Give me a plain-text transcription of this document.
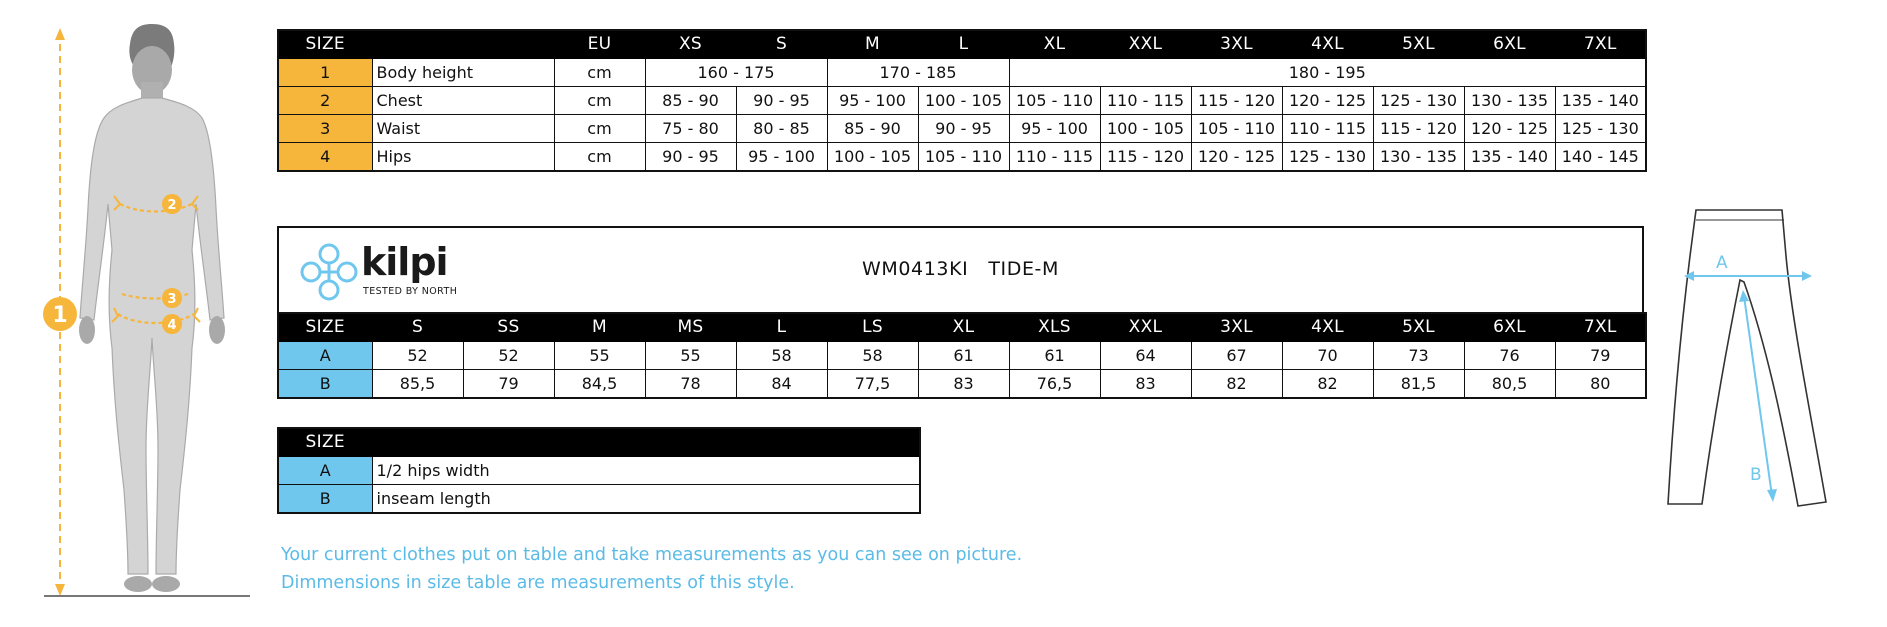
1
2
3
4
SIZE		EU	XS	S	M	L	XL	XXL	3XL	4XL	5XL	6XL	7XL
1	Body height	cm	160 - 175		170 - 185		180 - 195						
2	Chest	cm	85 - 90	90 - 95	95 - 100	100 - 105	105 - 110	110 - 115	115 - 120	120 - 125	125 - 130	130 - 135	135 - 140
3	Waist	cm	75 - 80	80 - 85	85 - 90	90 - 95	95 - 100	100 - 105	105 - 110	110 - 115	115 - 120	120 - 125	125 - 130
4	Hips	cm	90 - 95	95 - 100	100 - 105	105 - 110	110 - 115	115 - 120	120 - 125	125 - 130	130 - 135	135 - 140	140 - 145
kilpi
TESTED BY NORTH
WM0413KI TIDE-M
SIZE	S	SS	M	MS	L	LS	XL	XLS	XXL	3XL	4XL	5XL	6XL	7XL
A	52	52	55	55	58	58	61	61	64	67	70	73	76	79
B	85,5	79	84,5	78	84	77,5	83	76,5	83	82	82	81,5	80,5	80
SIZE	
A	1/2 hips width
B	inseam length
Your current clothes put on table and take measurements as you can see on picture.
Dimmensions in size table are measurements of this style.
A
B
